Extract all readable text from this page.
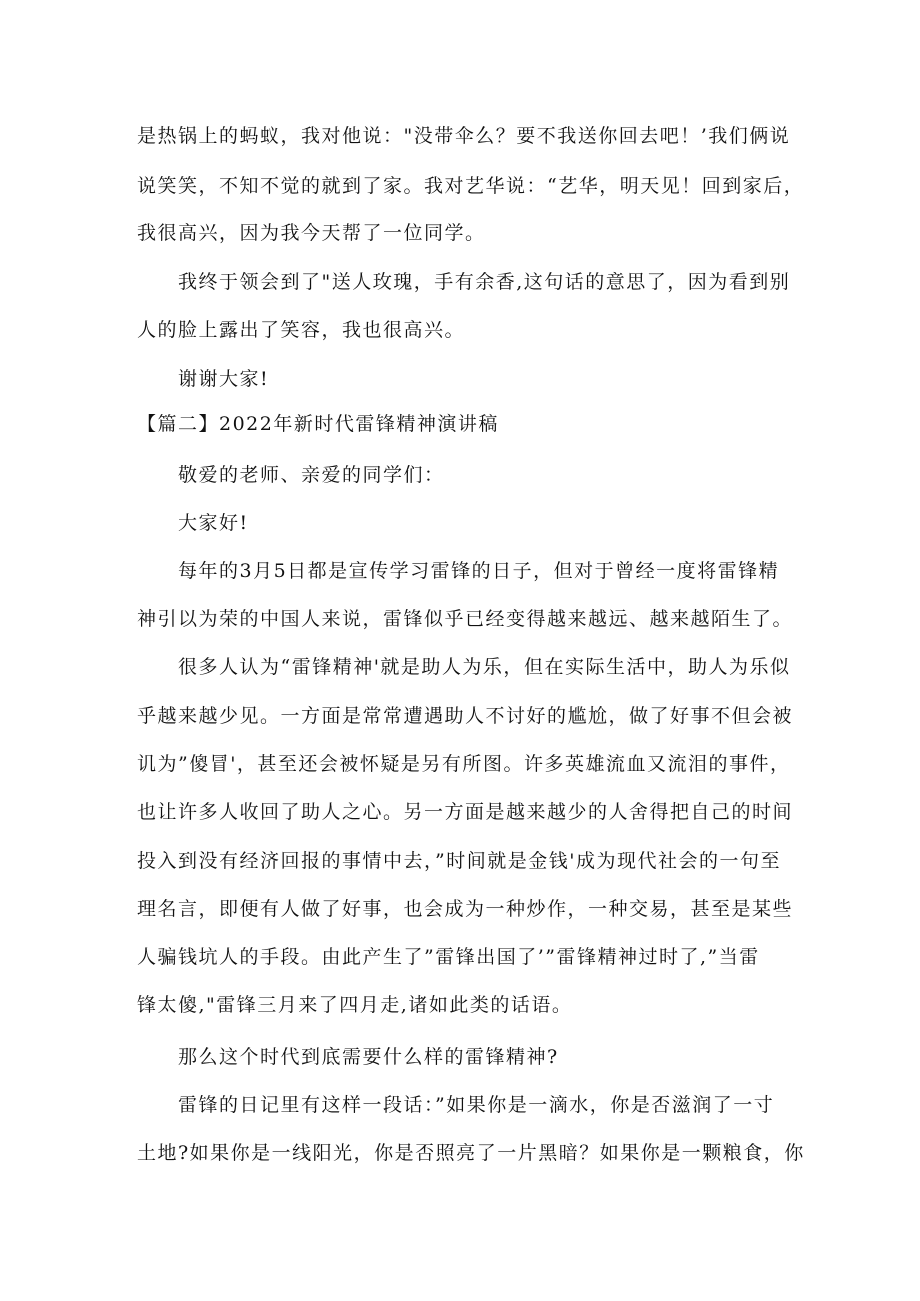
是热锅上的蚂蚁，我对他说："没带伞么？要不我送你回去吧！’我们俩说
说笑笑，不知不觉的就到了家。我对艺华说：“艺华，明天见！回到家后，
我很高兴，因为我今天帮了一位同学。
我终于领会到了"送人玫瑰，手有余香,这句话的意思了，因为看到别
人的脸上露出了笑容，我也很高兴。
谢谢大家!
【篇二】2022年新时代雷锋精神演讲稿
敬爱的老师、亲爱的同学们：
大家好!
每年的3月5日都是宣传学习雷锋的日子，但对于曾经一度将雷锋精
神引以为荣的中国人来说，雷锋似乎已经变得越来越远、越来越陌生了。
很多人认为“雷锋精神'就是助人为乐，但在实际生活中，助人为乐似
乎越来越少见。一方面是常常遭遇助人不讨好的尴尬，做了好事不但会被
讥为”傻冒'，甚至还会被怀疑是另有所图。许多英雄流血又流泪的事件，
也让许多人收回了助人之心。另一方面是越来越少的人舍得把自己的时间
投入到没有经济回报的事情中去，”时间就是金钱'成为现代社会的一句至
理名言，即便有人做了好事，也会成为一种炒作，一种交易，甚至是某些
人骗钱坑人的手段。由此产生了”雷锋出国了’”雷锋精神过时了,”当雷
锋太傻,"雷锋三月来了四月走,诸如此类的话语。
那么这个时代到底需要什么样的雷锋精神?
雷锋的日记里有这样一段话：”如果你是一滴水，你是否滋润了一寸
土地?如果你是一线阳光，你是否照亮了一片黑暗？如果你是一颗粮食，你
